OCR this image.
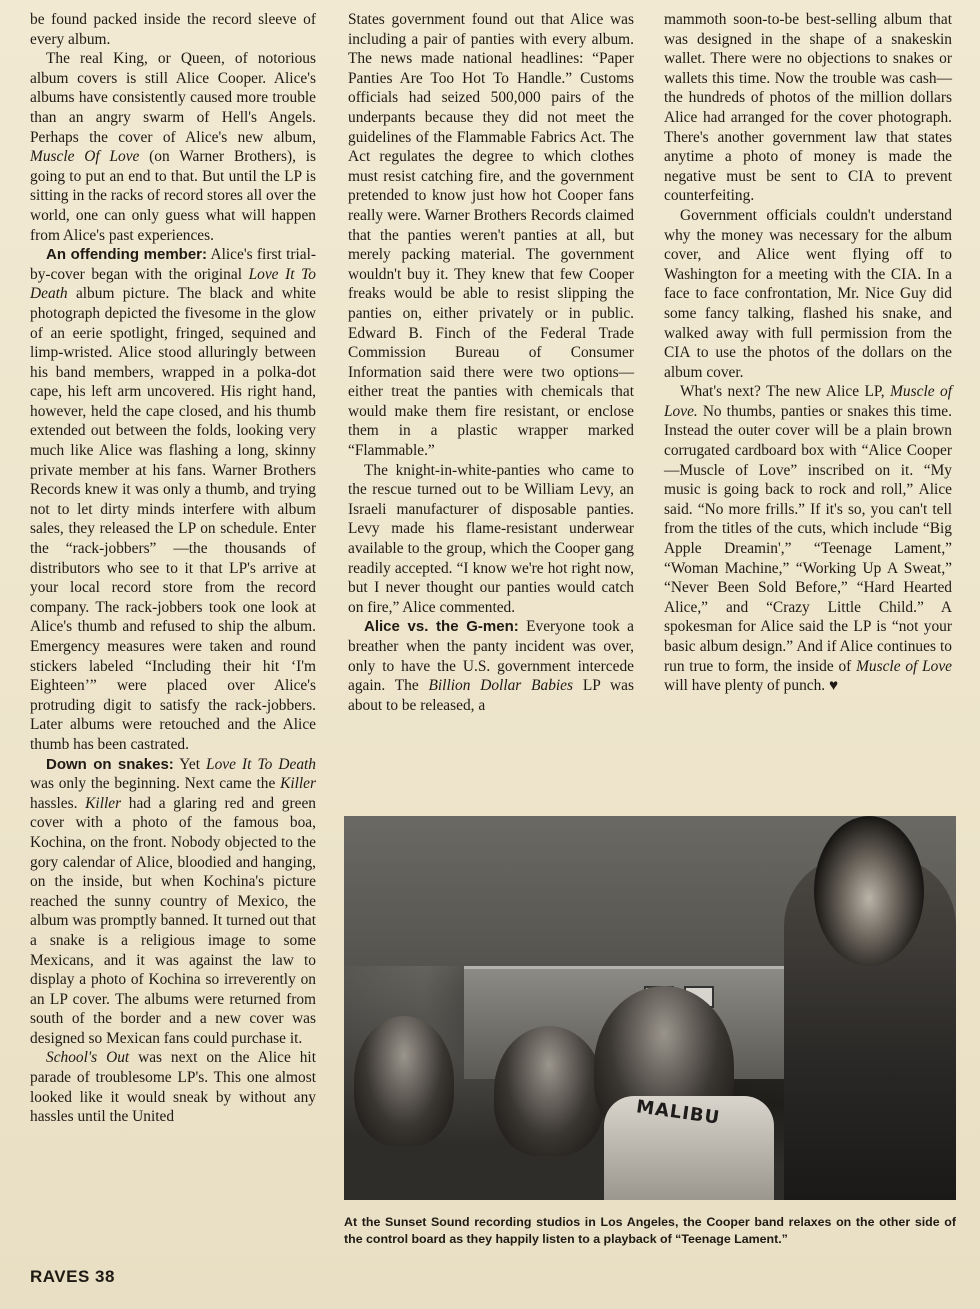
be found packed inside the record sleeve of every album.

The real King, or Queen, of notorious album covers is still Alice Cooper. Alice's albums have consistently caused more trouble than an angry swarm of Hell's Angels. Perhaps the cover of Alice's new album, Muscle Of Love (on Warner Brothers), is going to put an end to that. But until the LP is sitting in the racks of record stores all over the world, one can only guess what will happen from Alice's past experiences.

An offending member: Alice's first trial-by-cover began with the original Love It To Death album picture. The black and white photograph depicted the fivesome in the glow of an eerie spotlight, fringed, sequined and limp-wristed. Alice stood alluringly between his band members, wrapped in a polka-dot cape, his left arm uncovered. His right hand, however, held the cape closed, and his thumb extended out between the folds, looking very much like Alice was flashing a long, skinny private member at his fans. Warner Brothers Records knew it was only a thumb, and trying not to let dirty minds interfere with album sales, they released the LP on schedule. Enter the “rack-jobbers” —the thousands of distributors who see to it that LP's arrive at your local record store from the record company. The rack-jobbers took one look at Alice's thumb and refused to ship the album. Emergency measures were taken and round stickers labeled “Including their hit ‘I'm Eighteen’” were placed over Alice's protruding digit to satisfy the rack-jobbers. Later albums were retouched and the Alice thumb has been castrated.

Down on snakes: Yet Love It To Death was only the beginning. Next came the Killer hassles. Killer had a glaring red and green cover with a photo of the famous boa, Kochina, on the front. Nobody objected to the gory calendar of Alice, bloodied and hanging, on the inside, but when Kochina's picture reached the sunny country of Mexico, the album was promptly banned. It turned out that a snake is a religious image to some Mexicans, and it was against the law to display a photo of Kochina so irreverently on an LP cover. The albums were returned from south of the border and a new cover was designed so Mexican fans could purchase it.

School's Out was next on the Alice hit parade of troublesome LP's. This one almost looked like it would sneak by without any hassles until the United

States government found out that Alice was including a pair of panties with every album. The news made national headlines: “Paper Panties Are Too Hot To Handle.” Customs officials had seized 500,000 pairs of the underpants because they did not meet the guidelines of the Flammable Fabrics Act. The Act regulates the degree to which clothes must resist catching fire, and the government pretended to know just how hot Cooper fans really were. Warner Brothers Records claimed that the panties weren't panties at all, but merely packing material. The government wouldn't buy it. They knew that few Cooper freaks would be able to resist slipping the panties on, either privately or in public. Edward B. Finch of the Federal Trade Commission Bureau of Consumer Information said there were two options—either treat the panties with chemicals that would make them fire resistant, or enclose them in a plastic wrapper marked “Flammable.”

The knight-in-white-panties who came to the rescue turned out to be William Levy, an Israeli manufacturer of disposable panties. Levy made his flame-resistant underwear available to the group, which the Cooper gang readily accepted. “I know we're hot right now, but I never thought our panties would catch on fire,” Alice commented.

Alice vs. the G-men: Everyone took a breather when the panty incident was over, only to have the U.S. government intercede again. The Billion Dollar Babies LP was about to be released, a

mammoth soon-to-be best-selling album that was designed in the shape of a snakeskin wallet. There were no objections to snakes or wallets this time. Now the trouble was cash—the hundreds of photos of the million dollars Alice had arranged for the cover photograph. There's another government law that states anytime a photo of money is made the negative must be sent to CIA to prevent counterfeiting.

Government officials couldn't understand why the money was necessary for the album cover, and Alice went flying off to Washington for a meeting with the CIA. In a face to face confrontation, Mr. Nice Guy did some fancy talking, flashed his snake, and walked away with full permission from the CIA to use the photos of the dollars on the album cover.

What's next? The new Alice LP, Muscle of Love. No thumbs, panties or snakes this time. Instead the outer cover will be a plain brown corrugated cardboard box with “Alice Cooper—Muscle of Love” inscribed on it. “My music is going back to rock and roll,” Alice said. “No more frills.” If it's so, you can't tell from the titles of the cuts, which include “Big Apple Dreamin',” “Teenage Lament,” “Woman Machine,” “Working Up A Sweat,” “Never Been Sold Before,” “Hard Hearted Alice,” and “Crazy Little Child.” A spokesman for Alice said the LP is “not your basic album design.” And if Alice continues to run true to form, the inside of Muscle of Love will have plenty of punch. ♥

MALIBU
At the Sunset Sound recording studios in Los Angeles, the Cooper band relaxes on the other side of the control board as they happily listen to a playback of “Teenage Lament.”
RAVES 38
